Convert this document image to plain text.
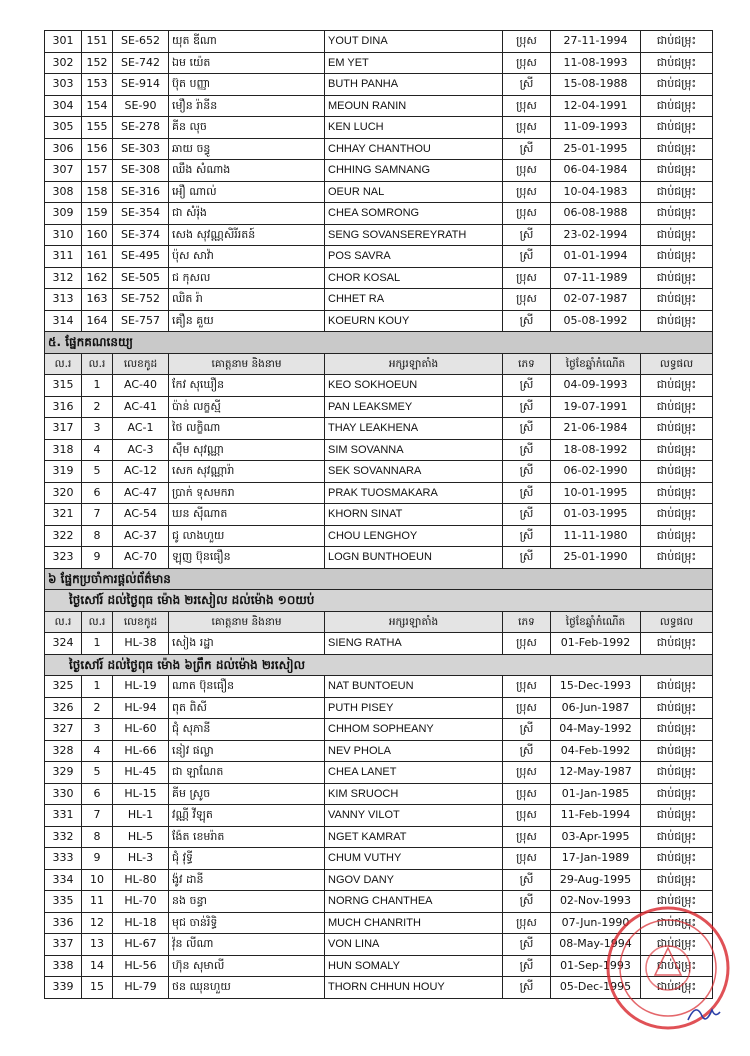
301	151	SE-652	យុត ឌីណា	YOUT DINA	ប្រុស	27-11-1994	ជាប់ជម្រុះ
302	152	SE-742	ឯម យ៉េត	EM YET	ប្រុស	11-08-1993	ជាប់ជម្រុះ
303	153	SE-914	ប៊ុត បញ្ញា	BUTH PANHA	ស្រី	15-08-1988	ជាប់ជម្រុះ
304	154	SE-90	មឿន រ៉ានីន	MEOUN RANIN	ប្រុស	12-04-1991	ជាប់ជម្រុះ
305	155	SE-278	គីន លុច	KEN LUCH	ប្រុស	11-09-1993	ជាប់ជម្រុះ
306	156	SE-303	ឆាយ ចន្ធូ	CHHAY CHANTHOU	ស្រី	25-01-1995	ជាប់ជម្រុះ
307	157	SE-308	ឈឹង សំណាង	CHHING SAMNANG	ប្រុស	06-04-1984	ជាប់ជម្រុះ
308	158	SE-316	អឿ ណាល់	OEUR NAL	ប្រុស	10-04-1983	ជាប់ជម្រុះ
309	159	SE-354	ជា សំរ៉ុង	CHEA SOMRONG	ប្រុស	06-08-1988	ជាប់ជម្រុះ
310	160	SE-374	សេង សុវណ្ណសិរីរតន៍	SENG SOVANSEREYRATH	ស្រី	23-02-1994	ជាប់ជម្រុះ
311	161	SE-495	ប៉ុស សាវ៉ា	POS SAVRA	ស្រី	01-01-1994	ជាប់ជម្រុះ
312	162	SE-505	ជ កុសល	CHOR KOSAL	ប្រុស	07-11-1989	ជាប់ជម្រុះ
313	163	SE-752	ឈិត រ៉ា	CHHET RA	ប្រុស	02-07-1987	ជាប់ជម្រុះ
314	164	SE-757	គឿន គួយ	KOEURN KOUY	ស្រី	05-08-1992	ជាប់ជម្រុះ
៥. ផ្នែកគណនេយ្យ							
ល.រ	ល.រ	លេខកូដ	គោត្តនាម និងនាម	អក្សរឡាតាំង	ភេទ	ថ្ងៃខែឆ្នាំកំណើត	លទ្ធផល
315	1	AC-40	កែវ សុឃឿន	KEO SOKHOEUN	ស្រី	04-09-1993	ជាប់ជម្រុះ
316	2	AC-41	ប៉ាន់ លក្ខស្មី	PAN LEAKSMEY	ស្រី	19-07-1991	ជាប់ជម្រុះ
317	3	AC-1	ថៃ លក្ខិណា	THAY LEAKHENA	ស្រី	21-06-1984	ជាប់ជម្រុះ
318	4	AC-3	ស៊ឹម សុវណ្ណា	SIM SOVANNA	ស្រី	18-08-1992	ជាប់ជម្រុះ
319	5	AC-12	សេក សុវណ្ណារ៉ា	SEK SOVANNARA	ស្រី	06-02-1990	ជាប់ជម្រុះ
320	6	AC-47	ប្រាក់ ទុសមករា	PRAK TUOSMAKARA	ស្រី	10-01-1995	ជាប់ជម្រុះ
321	7	AC-54	ឃន ស៊ីណាត	KHORN SINAT	ស្រី	01-03-1995	ជាប់ជម្រុះ
322	8	AC-37	ជូ លាងហួយ	CHOU LENGHOY	ស្រី	11-11-1980	ជាប់ជម្រុះ
323	9	AC-70	ឡុញ ប៊ុនធឿន	LOGN BUNTHOEUN	ស្រី	25-01-1990	ជាប់ជម្រុះ
៦ ផ្នែកប្រចាំការផ្តល់ព័ត៌មាន							
ថ្ងៃសៅរ៍ ដល់ថ្ងៃពុធ ម៉ោង ២រសៀល ដល់ម៉ោង ១០យប់							
ល.រ	ល.រ	លេខកូដ	គោត្តនាម និងនាម	អក្សរឡាតាំង	ភេទ	ថ្ងៃខែឆ្នាំកំណើត	លទ្ធផល
324	1	HL-38	សៀង រដ្ឋា	SIENG RATHA	ប្រុស	01-Feb-1992	ជាប់ជម្រុះ
ថ្ងៃសៅរ៍ ដល់ថ្ងៃពុធ ម៉ោង ៦ព្រឹក ដល់ម៉ោង ២រសៀល							
325	1	HL-19	ណាត ប៊ុនធឿន	NAT BUNTOEUN	ប្រុស	15-Dec-1993	ជាប់ជម្រុះ
326	2	HL-94	ពុត ពិសី	PUTH PISEY	ប្រុស	06-Jun-1987	ជាប់ជម្រុះ
327	3	HL-60	ជុំ សុភានី	CHHOM SOPHEANY	ស្រី	04-May-1992	ជាប់ជម្រុះ
328	4	HL-66	នៀវ ផល្លា	NEV PHOLA	ស្រី	04-Feb-1992	ជាប់ជម្រុះ
329	5	HL-45	ជា ឡាណែត	CHEA LANET	ប្រុស	12-May-1987	ជាប់ជម្រុះ
330	6	HL-15	គីម ស្រូច	KIM SRUOCH	ប្រុស	01-Jan-1985	ជាប់ជម្រុះ
331	7	HL-1	វណ្ណី វីឡុត	VANNY VILOT	ប្រុស	11-Feb-1994	ជាប់ជម្រុះ
332	8	HL-5	ង៉ែត ខេមរ៉ាត	NGET KAMRAT	ប្រុស	03-Apr-1995	ជាប់ជម្រុះ
333	9	HL-3	ជុំ វុទ្ធី	CHUM VUTHY	ប្រុស	17-Jan-1989	ជាប់ជម្រុះ
334	10	HL-80	ង៉ូវ ដានី	NGOV DANY	ស្រី	29-Aug-1995	ជាប់ជម្រុះ
335	11	HL-70	នង ចន្ធា	NORNG CHANTHEA	ស្រី	02-Nov-1993	ជាប់ជម្រុះ
336	12	HL-18	មុជ ចាន់រិទ្ធិ	MUCH CHANRITH	ប្រុស	07-Jun-1990	ជាប់ជម្រុះ
337	13	HL-67	វ៉ុន លីណា	VON LINA	ស្រី	08-May-1994	ជាប់ជម្រុះ
338	14	HL-56	ហ៊ុន សុមាលី	HUN SOMALY	ស្រី	01-Sep-1993	ជាប់ជម្រុះ
339	15	HL-79	ថន ឈុនហួយ	THORN CHHUN HOUY	ស្រី	05-Dec-1995	ជាប់ជម្រុះ
